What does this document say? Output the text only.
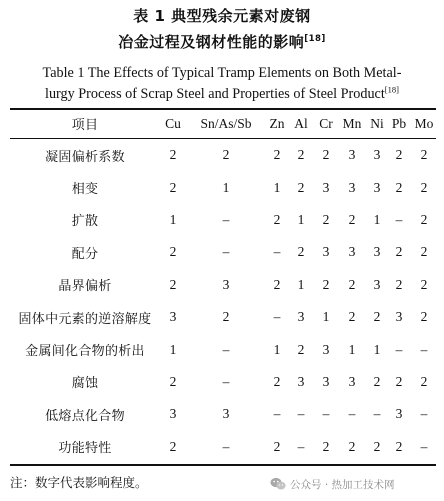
表 1 典型残余元素对废钢
冶金过程及钢材性能的影响[18]
Table 1 The Effects of Typical Tramp Elements on Both Metal-
lurgy Process of Scrap Steel and Properties of Steel Product[18]
项目	Cu	Sn/As/Sb	Zn Al Cr Mn Ni Pb Mo
凝固偏析系数	2	2	2	2	2	3	3	2	2
相变	2	1	1	2	3	3	3	2	2
扩散	1	–	2	1	2	2	1	–	2
配分	2	–	–	2	3	3	3	2	2
晶界偏析	2	3	2	1	2	2	3	2	2
固体中元素的逆溶解度	3	2	–	3	1	2	2	3	2
金属间化合物的析出	1	–	1	2	3	1	1	–	–
腐蚀	2	–	2	3	3	3	2	2	2
低熔点化合物	3	3	–	–	–	–	–	3	–
功能特性	2	–	2	–	2	2	2	2	–
注：数字代表影响程度。	公众号 · 热加工技术网
